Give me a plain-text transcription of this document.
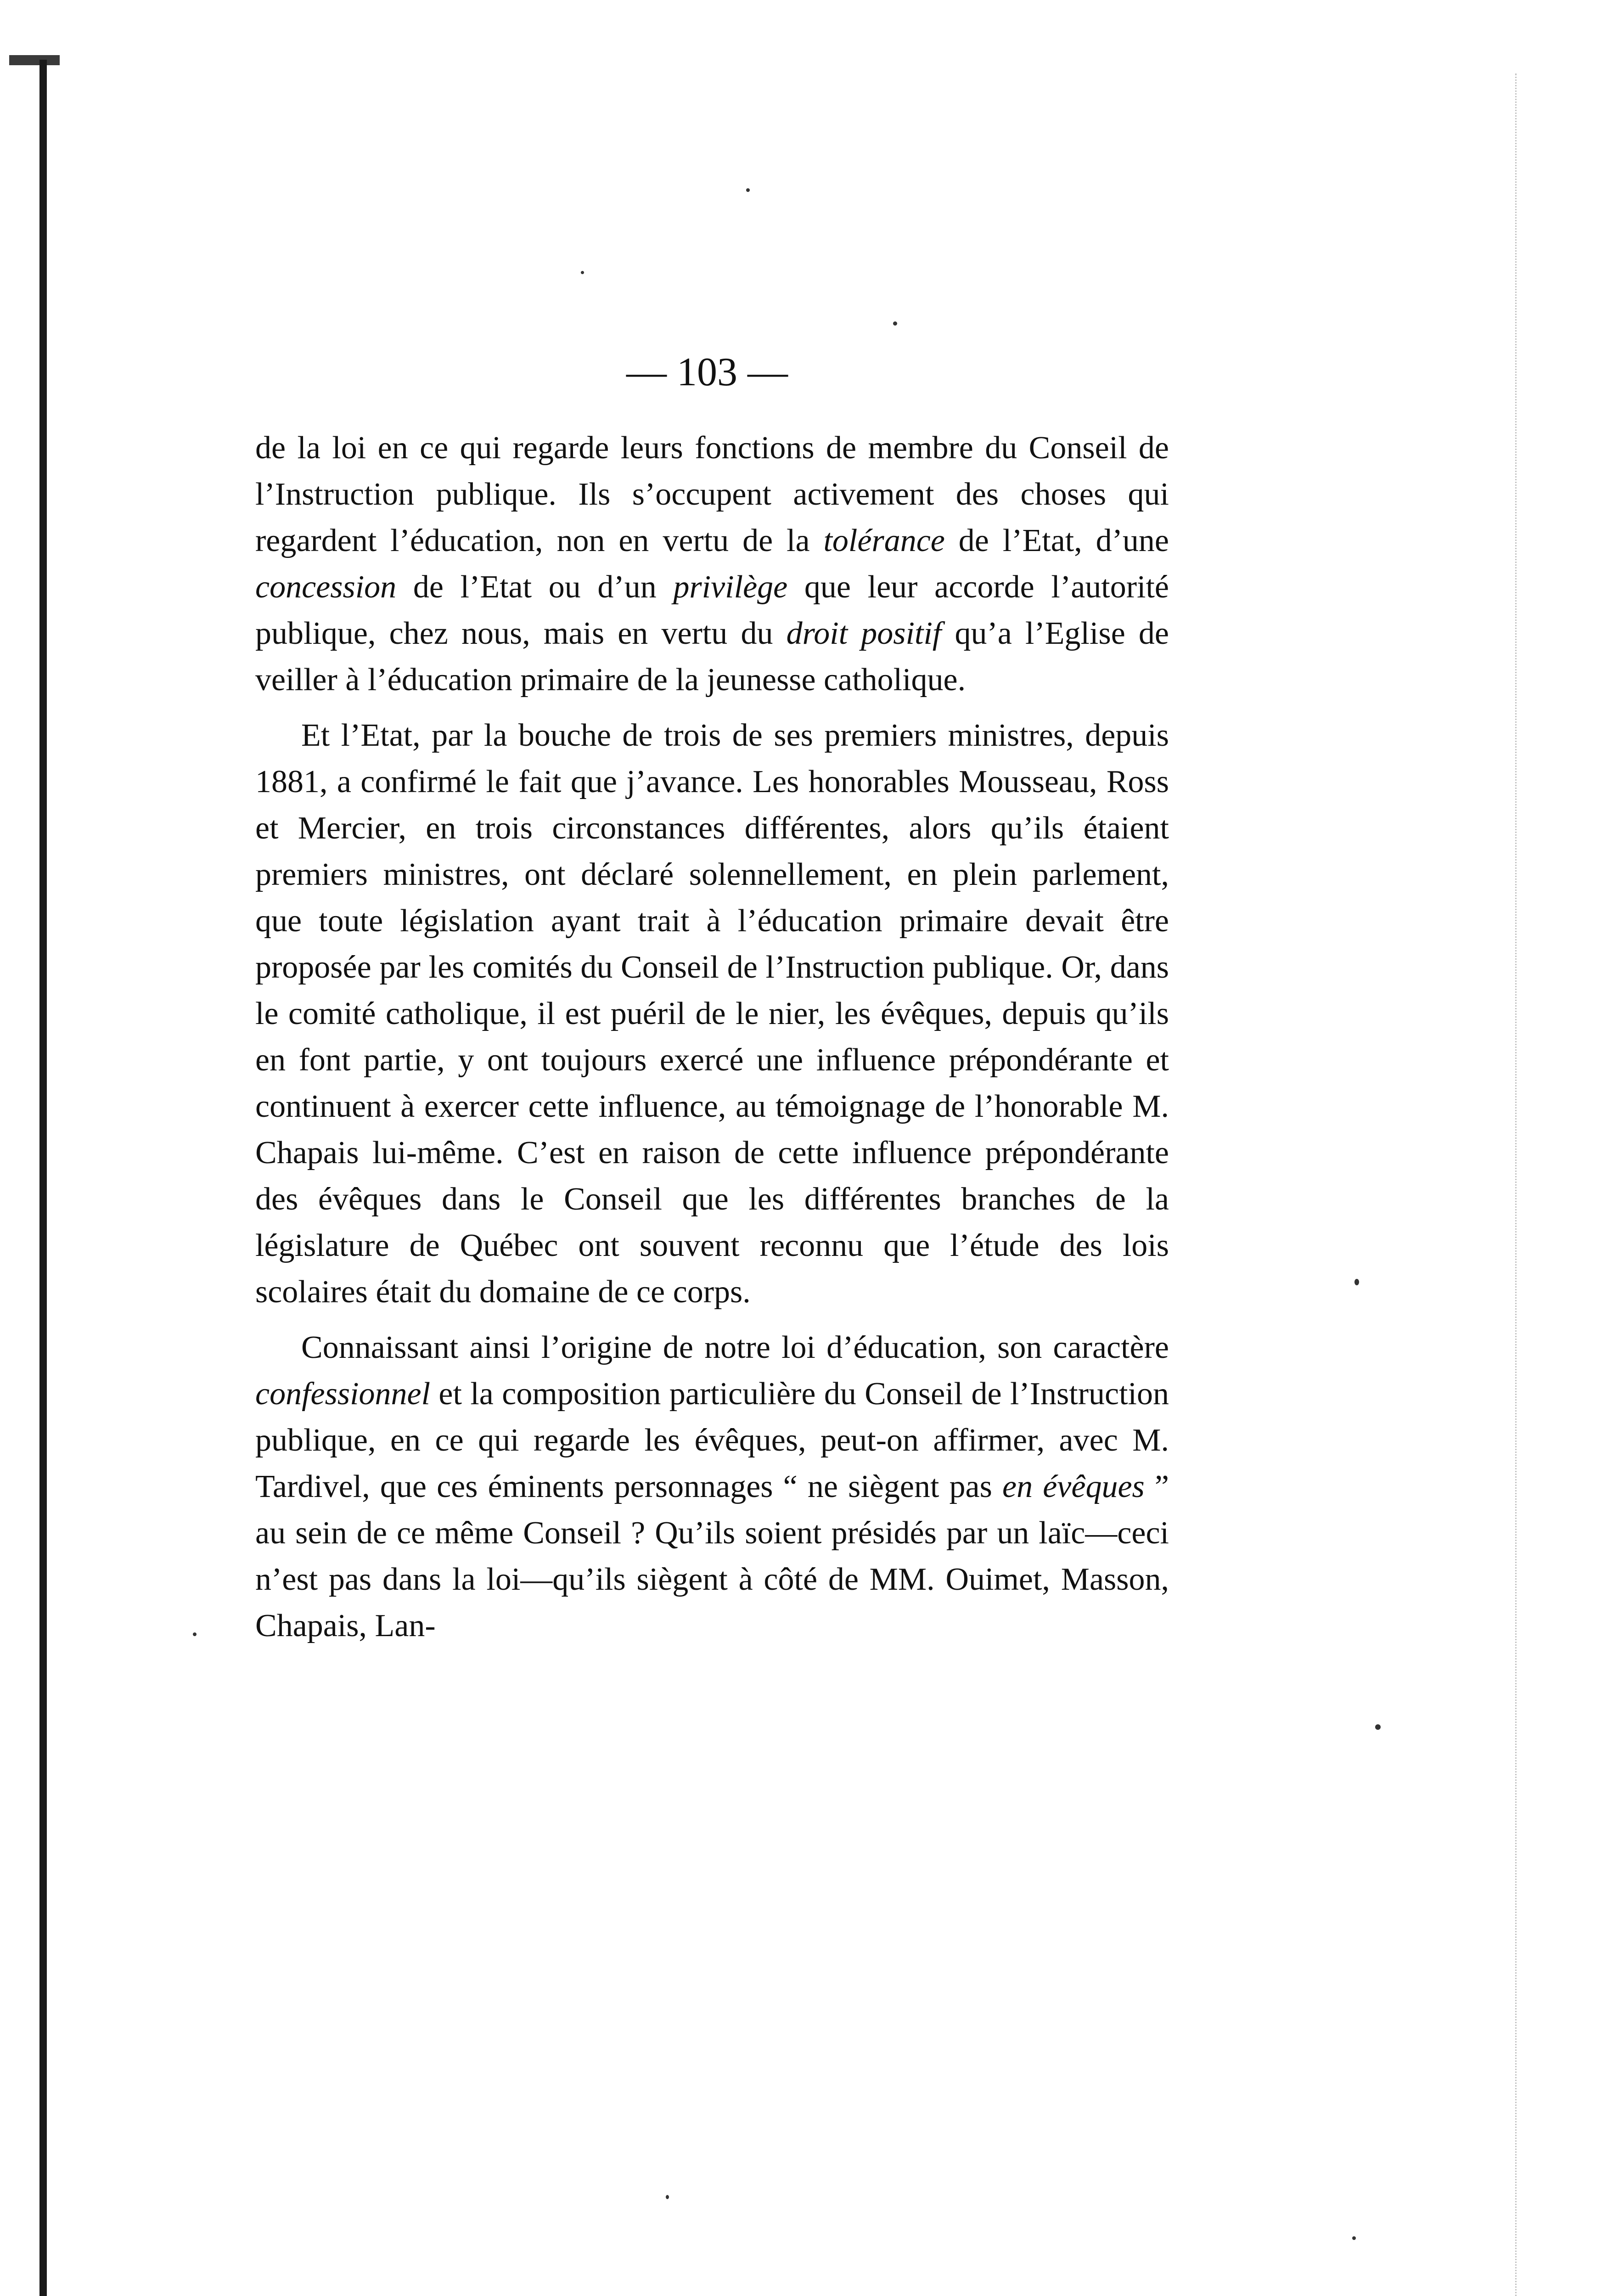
— 103 —

de la loi en ce qui regarde leurs fonctions de membre du Conseil de l’Instruction publique. Ils s’occupent activement des choses qui regardent l’éducation, non en vertu de la tolérance de l’Etat, d’une concession de l’Etat ou d’un privilège que leur accorde l’autorité publique, chez nous, mais en vertu du droit positif qu’a l’Eglise de veiller à l’éducation primaire de la jeunesse catholique.

Et l’Etat, par la bouche de trois de ses premiers ministres, depuis 1881, a confirmé le fait que j’avance. Les honorables Mousseau, Ross et Mercier, en trois circonstances différentes, alors qu’ils étaient premiers ministres, ont déclaré solennellement, en plein parlement, que toute législation ayant trait à l’éducation primaire devait être proposée par les comités du Conseil de l’Instruction publique. Or, dans le comité catholique, il est puéril de le nier, les évêques, depuis qu’ils en font partie, y ont toujours exercé une influence prépondérante et continuent à exercer cette influence, au témoignage de l’honorable M. Chapais lui-même. C’est en raison de cette influence prépondérante des évêques dans le Conseil que les différentes branches de la législature de Québec ont souvent reconnu que l’étude des lois scolaires était du domaine de ce corps.

Connaissant ainsi l’origine de notre loi d’éducation, son caractère confessionnel et la composition particulière du Conseil de l’Instruction publique, en ce qui regarde les évêques, peut-on affirmer, avec M. Tardivel, que ces éminents personnages “ ne siègent pas en évêques ” au sein de ce même Conseil ? Qu’ils soient présidés par un laïc—ceci n’est pas dans la loi—qu’ils siègent à côté de MM. Ouimet, Masson, Chapais, Lan-
